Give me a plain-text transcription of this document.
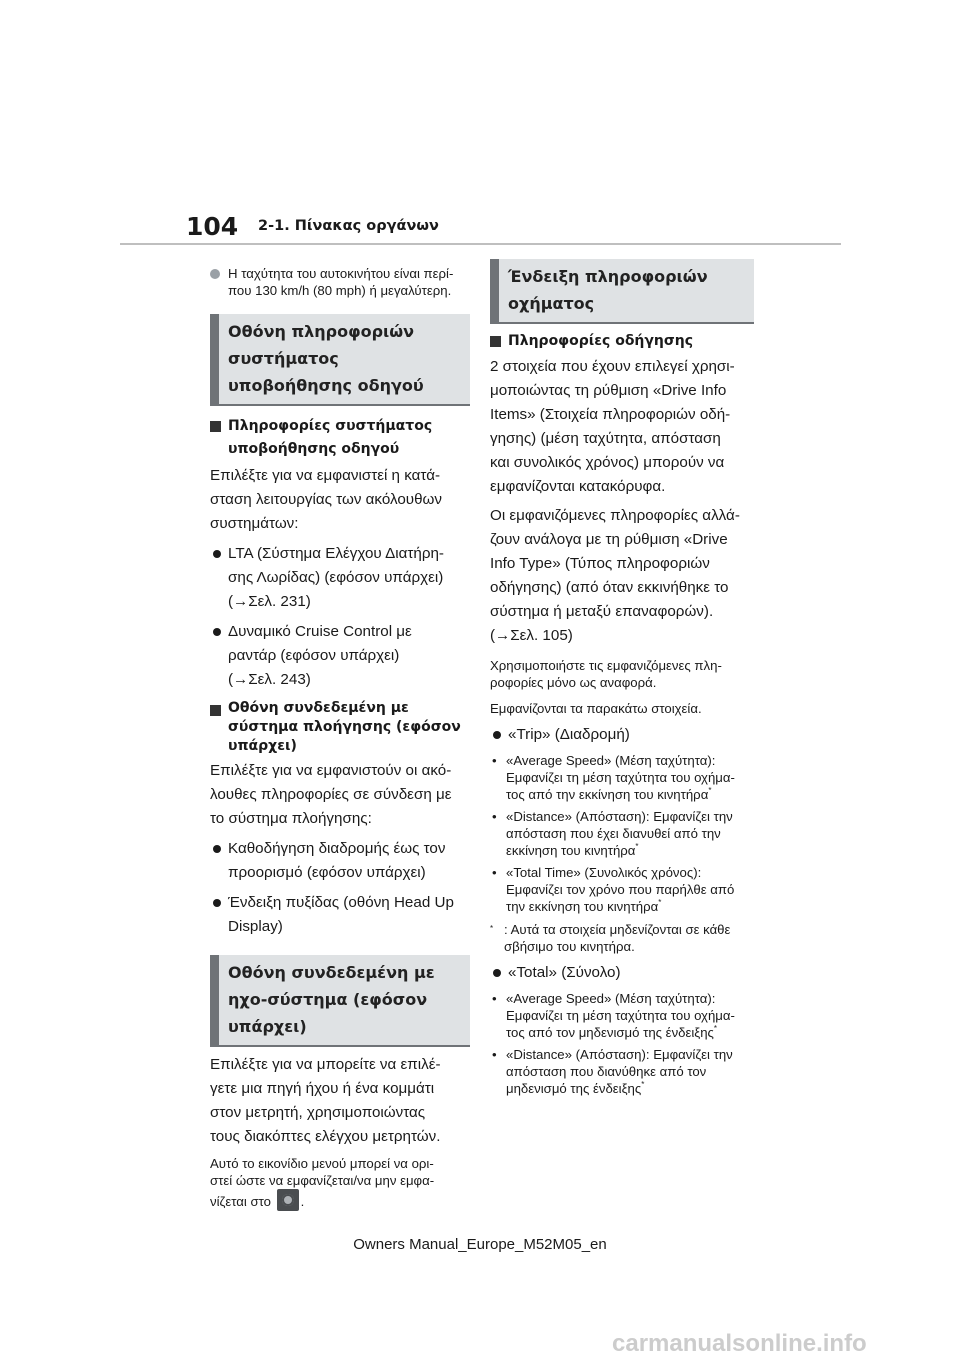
104 2-1. Πίνακας οργάνων
Η ταχύτητα του αυτοκινήτου είναι περί-
που 130 km/h (80 mph) ή μεγαλύτερη.
Οθόνη πληροφοριών συστήματος υποβοήθησης οδηγού
Πληροφορίες συστήματος υποβοήθησης οδηγού
Επιλέξτε για να εμφανιστεί η κατά-
σταση λειτουργίας των ακόλουθων
συστημάτων:
LTA (Σύστημα Ελέγχου Διατήρη-
σης Λωρίδας) (εφόσον υπάρχει)
(→Σελ. 231)
Δυναμικό Cruise Control με
ραντάρ (εφόσον υπάρχει)
(→Σελ. 243)
Οθόνη συνδεδεμένη με σύστημα πλοήγησης (εφόσον υπάρχει)
Επιλέξτε για να εμφανιστούν οι ακό-
λουθες πληροφορίες σε σύνδεση με
το σύστημα πλοήγησης:
Καθοδήγηση διαδρομής έως τον
προορισμό (εφόσον υπάρχει)
Ένδειξη πυξίδας (οθόνη Head Up
Display)
Οθόνη συνδεδεμένη με ηχο-σύστημα (εφόσον υπάρχει)
Επιλέξτε για να μπορείτε να επιλέ-
γετε μια πηγή ήχου ή ένα κομμάτι
στον μετρητή, χρησιμοποιώντας
τους διακόπτες ελέγχου μετρητών.
Αυτό το εικονίδιο μενού μπορεί να ορι-
στεί ώστε να εμφανίζεται/να μην εμφα-
νίζεται στο .
Ένδειξη πληροφοριών οχήματος
Πληροφορίες οδήγησης
2 στοιχεία που έχουν επιλεγεί χρησι-
μοποιώντας τη ρύθμιση «Drive Info
Items» (Στοιχεία πληροφοριών οδή-
γησης) (μέση ταχύτητα, απόσταση
και συνολικός χρόνος) μπορούν να
εμφανίζονται κατακόρυφα.
Οι εμφανιζόμενες πληροφορίες αλλά-
ζουν ανάλογα με τη ρύθμιση «Drive
Info Type» (Τύπος πληροφοριών
οδήγησης) (από όταν εκκινήθηκε το
σύστημα ή μεταξύ επαναφορών).
(→Σελ. 105)
Χρησιμοποιήστε τις εμφανιζόμενες πλη-
ροφορίες μόνο ως αναφορά.
Εμφανίζονται τα παρακάτω στοιχεία.
«Trip» (Διαδρομή)
• «Average Speed» (Μέση ταχύτητα):
Εμφανίζει τη μέση ταχύτητα του οχήμα-
τος από την εκκίνηση του κινητήρα*
• «Distance» (Απόσταση): Εμφανίζει την
απόσταση που έχει διανυθεί από την
εκκίνηση του κινητήρα*
• «Total Time» (Συνολικός χρόνος):
Εμφανίζει τον χρόνο που παρήλθε από
την εκκίνηση του κινητήρα*
* : Αυτά τα στοιχεία μηδενίζονται σε κάθε
σβήσιμο του κινητήρα.
«Total» (Σύνολο)
• «Average Speed» (Μέση ταχύτητα):
Εμφανίζει τη μέση ταχύτητα του οχήμα-
τος από τον μηδενισμό της ένδειξης*
• «Distance» (Απόσταση): Εμφανίζει την
απόσταση που διανύθηκε από τον
μηδενισμό της ένδειξης*
Owners Manual_Europe_M52M05_en
carmanualsonline.info
